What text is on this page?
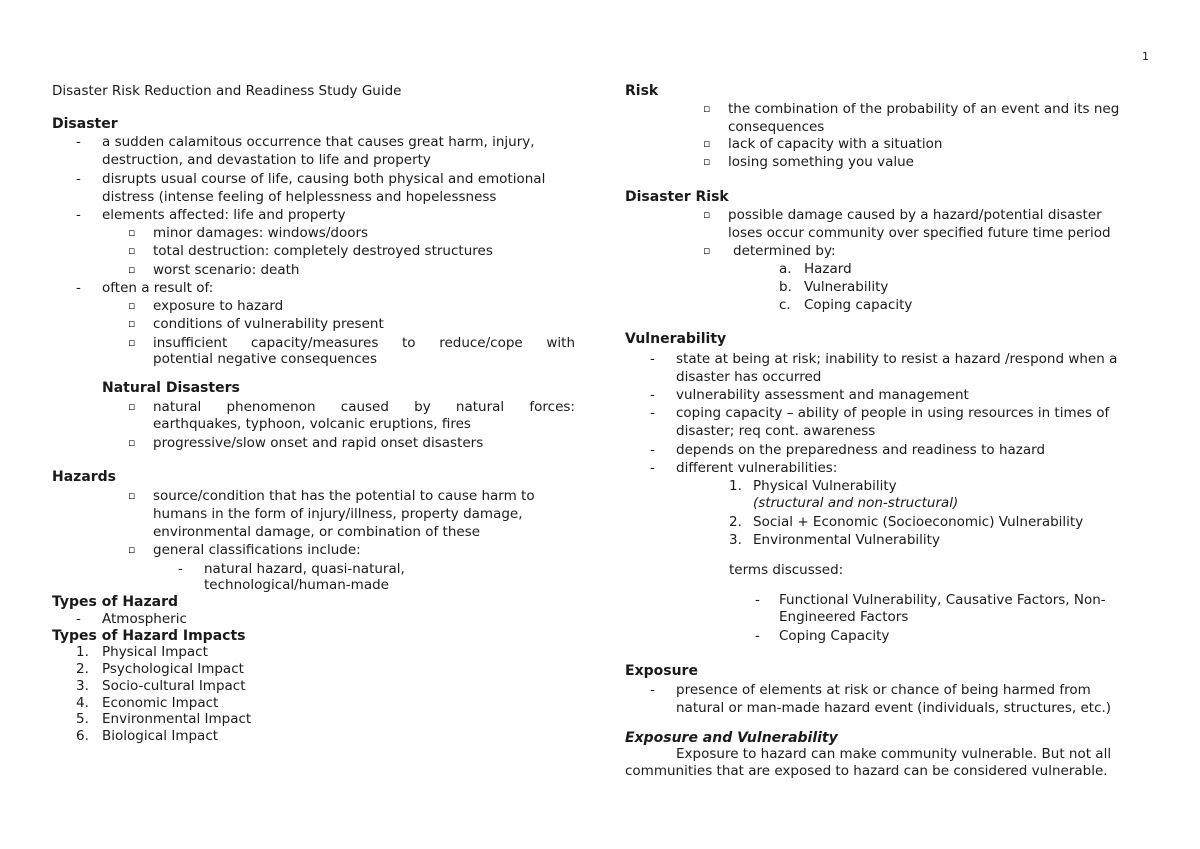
1
Disaster Risk Reduction and Readiness Study Guide
Disaster
- a sudden calamitous occurrence that causes great harm, injury,
destruction, and devastation to life and property
- disrupts usual course of life, causing both physical and emotional
distress (intense feeling of helplessness and hopelessness
- elements affected: life and property
▫ minor damages: windows/doors
▫ total destruction: completely destroyed structures
▫ worst scenario: death
- often a result of:
▫ exposure to hazard
▫ conditions of vulnerability present
▫ insufficient capacity/measures to reduce/cope with
potential negative consequences
Natural Disasters
▫ natural phenomenon caused by natural forces:
earthquakes, typhoon, volcanic eruptions, fires
▫ progressive/slow onset and rapid onset disasters
Hazards
▫ source/condition that has the potential to cause harm to
humans in the form of injury/illness, property damage,
environmental damage, or combination of these
▫ general classifications include:
- natural hazard, quasi-natural,
technological/human-made
Types of Hazard
- Atmospheric
Types of Hazard Impacts
1. Physical Impact
2. Psychological Impact
3. Socio-cultural Impact
4. Economic Impact
5. Environmental Impact
6. Biological Impact
Risk
▫ the combination of the probability of an event and its neg
consequences
▫ lack of capacity with a situation
▫ losing something you value
Disaster Risk
▫ possible damage caused by a hazard/potential disaster
loses occur community over specified future time period
▫ determined by:
a. Hazard
b. Vulnerability
c. Coping capacity
Vulnerability
- state at being at risk; inability to resist a hazard /respond when a
disaster has occurred
- vulnerability assessment and management
- coping capacity – ability of people in using resources in times of
disaster; req cont. awareness
- depends on the preparedness and readiness to hazard
- different vulnerabilities:
1. Physical Vulnerability
(structural and non-structural)
2. Social + Economic (Socioeconomic) Vulnerability
3. Environmental Vulnerability
terms discussed:
- Functional Vulnerability, Causative Factors, Non-
Engineered Factors
- Coping Capacity
Exposure
- presence of elements at risk or chance of being harmed from
natural or man-made hazard event (individuals, structures, etc.)
Exposure and Vulnerability
Exposure to hazard can make community vulnerable. But not all
communities that are exposed to hazard can be considered vulnerable.
